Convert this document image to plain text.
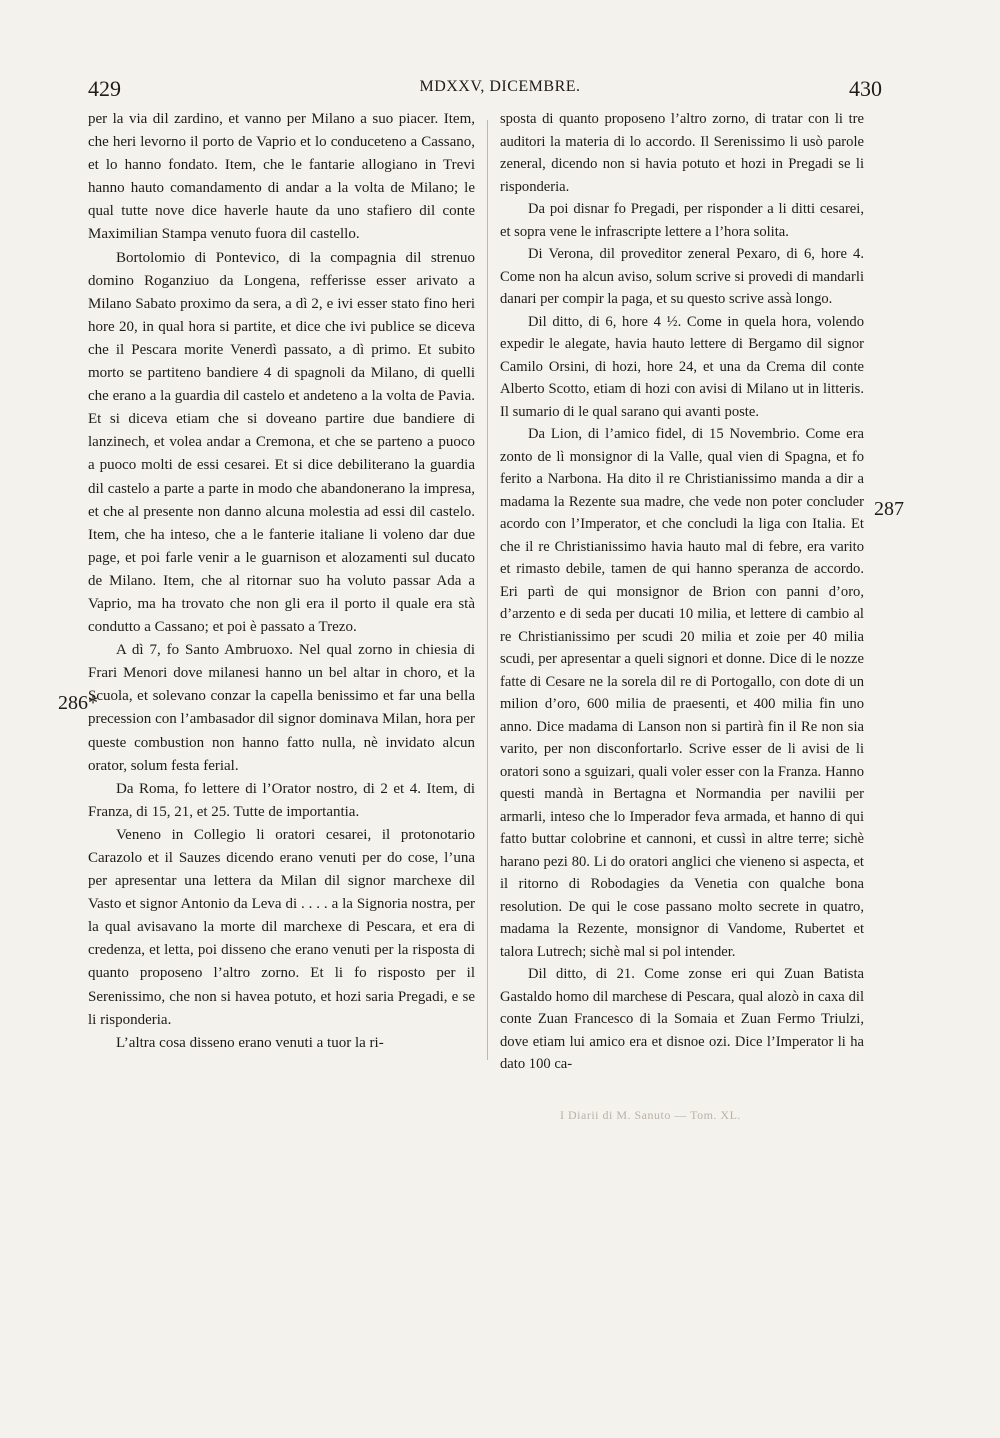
429	MDXXV, DICEMBRE.	430
286*
287

per la via dil zardino, et vanno per Milano a suo piacer. Item, che heri levorno il porto de Vaprio et lo conduceteno a Cassano, et lo hanno fondato. Item, che le fantarie allogiano in Trevi hanno hauto comandamento di andar a la volta de Milano; le qual tutte nove dice haverle haute da uno stafiero dil conte Maximilian Stampa venuto fuora dil castello.

Bortolomio di Pontevico, di la compagnia dil strenuo domino Roganziuo da Longena, refferisse esser arivato a Milano Sabato proximo da sera, a dì 2, e ivi esser stato fino heri hore 20, in qual hora si partite, et dice che ivi publice se diceva che il Pescara morite Venerdì passato, a dì primo. Et subito morto se partiteno bandiere 4 di spagnoli da Milano, di quelli che erano a la guardia dil castelo et andeteno a la volta de Pavia. Et si diceva etiam che si doveano partire due bandiere di lanzinech, et volea andar a Cremona, et che se parteno a puoco a puoco molti de essi cesarei. Et si dice debiliterano la guardia dil castelo a parte a parte in modo che abandonerano la impresa, et che al presente non danno alcuna molestia ad essi dil castelo. Item, che ha inteso, che a le fanterie italiane li voleno dar due page, et poi farle venir a le guarnison et alozamenti sul ducato de Milano. Item, che al ritornar suo ha voluto passar Ada a Vaprio, ma ha trovato che non gli era il porto il quale era stà condutto a Cassano; et poi è passato a Trezo.

A dì 7, fo Santo Ambruoxo. Nel qual zorno in chiesia di Frari Menori dove milanesi hanno un bel altar in choro, et la Scuola, et solevano conzar la capella benissimo et far una bella precession con l’ambasador dil signor dominava Milan, hora per queste combustion non hanno fatto nulla, nè invidato alcun orator, solum festa ferial.

Da Roma, fo lettere di l’Orator nostro, di 2 et 4. Item, di Franza, di 15, 21, et 25. Tutte de importantia.

Veneno in Collegio li oratori cesarei, il protonotario Carazolo et il Sauzes dicendo erano venuti per do cose, l’una per apresentar una lettera da Milan dil signor marchexe dil Vasto et signor Antonio da Leva di . . . . a la Signoria nostra, per la qual avisavano la morte dil marchexe di Pescara, et era di credenza, et letta, poi disseno che erano venuti per la risposta di quanto proposeno l’altro zorno. Et li fo risposto per il Serenissimo, che non si havea potuto, et hozi saria Pregadi, e se li risponderia.

L’altra cosa disseno erano venuti a tuor la ri-

sposta di quanto proposeno l’altro zorno, di tratar con li tre auditori la materia di lo accordo. Il Serenissimo li usò parole zeneral, dicendo non si havia potuto et hozi in Pregadi se li risponderia.

Da poi disnar fo Pregadi, per risponder a li ditti cesarei, et sopra vene le infrascripte lettere a l’hora solita.

Di Verona, dil proveditor zeneral Pexaro, di 6, hore 4. Come non ha alcun aviso, solum scrive si provedi di mandarli danari per compir la paga, et su questo scrive assà longo.

Dil ditto, di 6, hore 4 ½. Come in quela hora, volendo expedir le alegate, havia hauto lettere di Bergamo dil signor Camilo Orsini, di hozi, hore 24, et una da Crema dil conte Alberto Scotto, etiam di hozi con avisi di Milano ut in litteris. Il sumario di le qual sarano qui avanti poste.

Da Lion, di l’amico fidel, di 15 Novembrio. Come era zonto de lì monsignor di la Valle, qual vien di Spagna, et fo ferito a Narbona. Ha dito il re Christianissimo manda a dir a madama la Rezente sua madre, che vede non poter concluder acordo con l’Imperator, et che concludi la liga con Italia. Et che il re Christianissimo havia hauto mal di febre, era varito et rimasto debile, tamen de qui hanno speranza de accordo. Eri partì de qui monsignor de Brion con panni d’oro, d’arzento e di seda per ducati 10 milia, et lettere di cambio al re Christianissimo per scudi 20 milia et zoie per 40 milia scudi, per apresentar a queli signori et donne. Dice di le nozze fatte di Cesare ne la sorela dil re di Portogallo, con dote di un milion d’oro, 600 milia de praesenti, et 400 milia fin uno anno. Dice madama di Lanson non si partirà fin il Re non sia varito, per non disconfortarlo. Scrive esser de li avisi de li oratori sono a sguizari, quali voler esser con la Franza. Hanno questi mandà in Bertagna et Normandia per navilii per armarli, inteso che lo Imperador feva armada, et hanno di qui fatto buttar colobrine et cannoni, et cussì in altre terre; sichè harano pezi 80. Li do oratori anglici che vieneno si aspecta, et il ritorno di Robodagies da Venetia con qualche bona resolution. De qui le cose passano molto secrete in quatro, madama la Rezente, monsignor di Vandome, Rubertet et talora Lutrech; sichè mal si pol intender.

Dil ditto, di 21. Come zonse eri qui Zuan Batista Gastaldo homo dil marchese di Pescara, qual alozò in caxa dil conte Zuan Francesco di la Somaia et Zuan Fermo Triulzi, dove etiam lui amico era et disnoe ozi. Dice l’Imperator li ha dato 100 ca-

I Diarii di M. Sanuto — Tom. XL.
